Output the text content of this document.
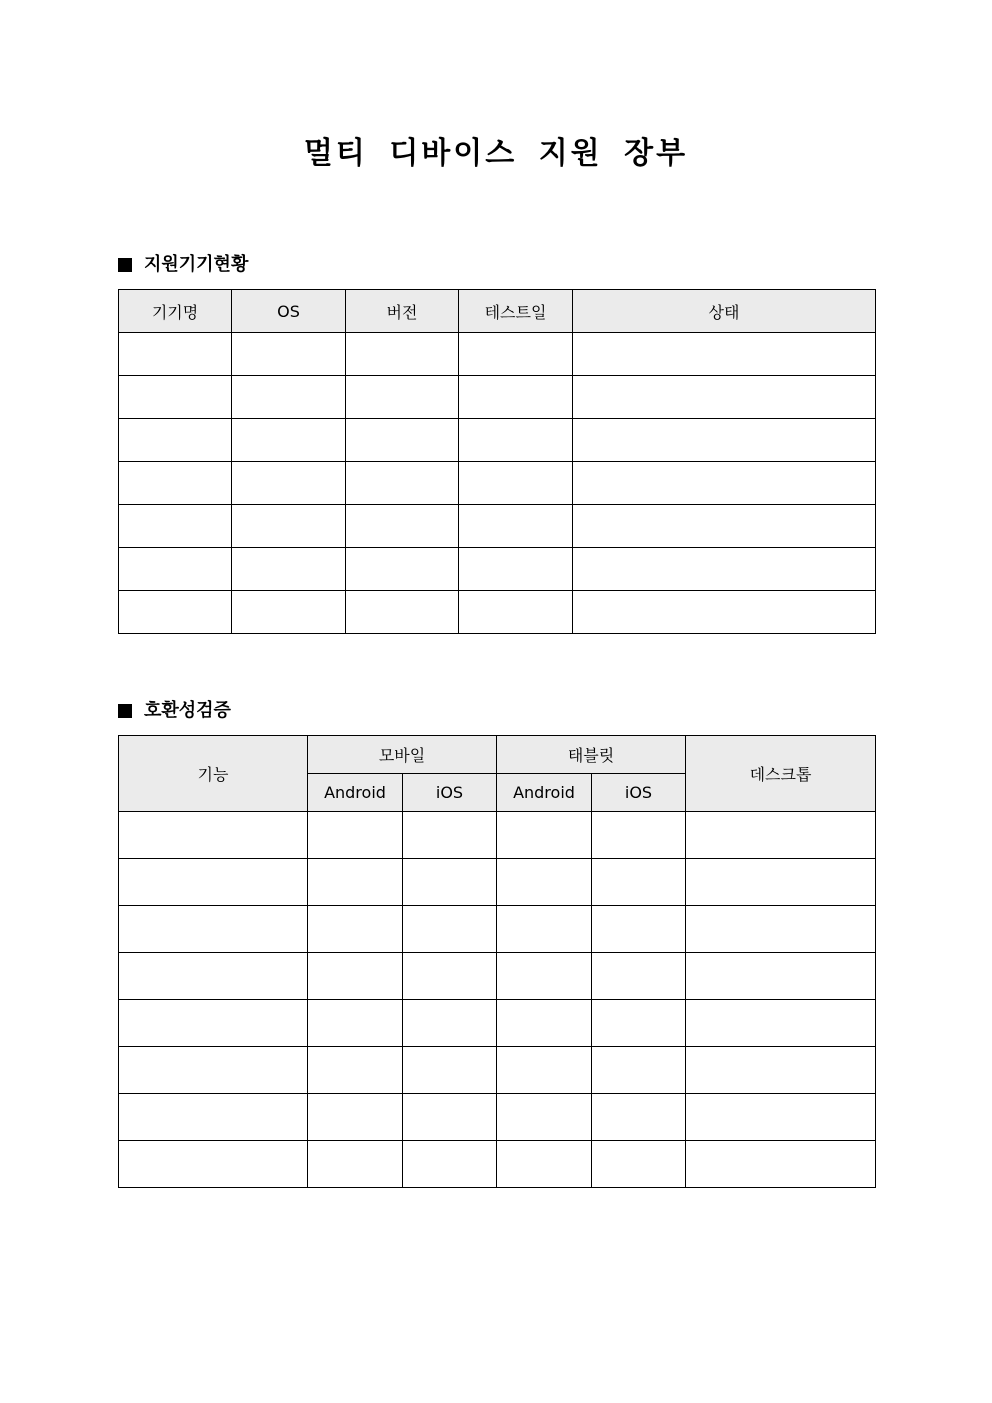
멀티 디바이스 지원 장부
지원기기현황
기기명	OS	버전	테스트일	상태

호환성검증
기능	모바일		태블릿		데스크톱
	Android	iOS	Android	iOS	
